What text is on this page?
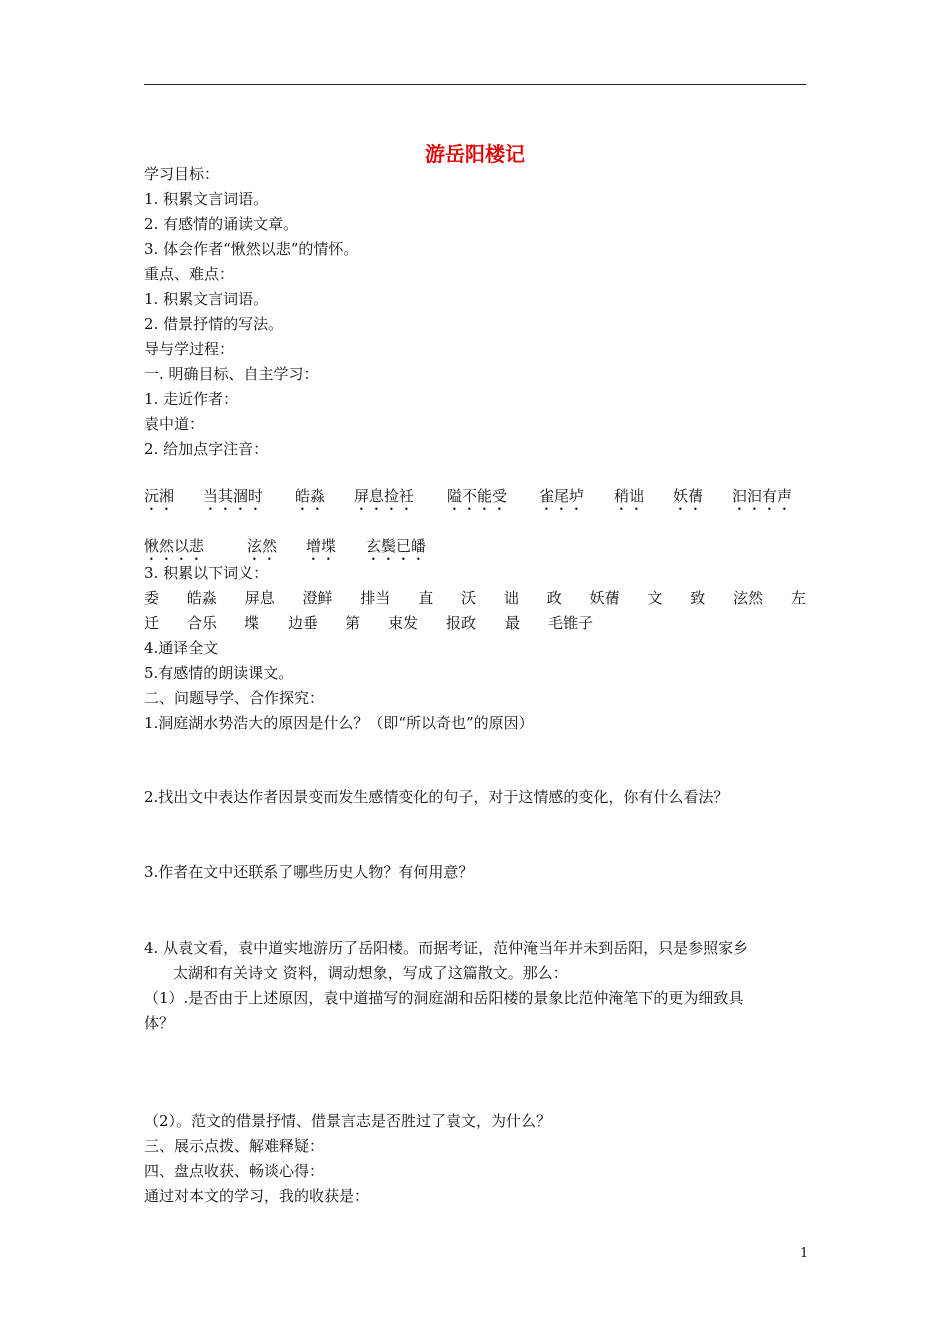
游岳阳楼记
学习目标：
1. 积累文言词语。
2. 有感情的诵读文章。
3. 体会作者“愀然以悲”的情怀。
重点、难点：
1. 积累文言词语。
2. 借景抒情的写法。
导与学过程：
一. 明确目标、自主学习：
1. 走近作者：
袁中道：
2. 给加点字注音：
沅湘 当其涸时 皓淼 屏息捡衽 隘不能受 雀尾垆 稍诎 妖蒨 汩汩有声
愀然以悲	泫然 增堞 玄鬓已皤
3. 积累以下词义：
委 皓淼 屏息 澄鲜 排当 直 沃 诎 政 妖蒨 文 致 泫然 左
迁 合乐 堞 边垂 第 束发 报政 最 毛锥子
4.通译全文
5.有感情的朗读课文。
二、问题导学、合作探究：
1.洞庭湖水势浩大的原因是什么？（即“所以奇也”的原因）
2.找出文中表达作者因景变而发生感情变化的句子，对于这情感的变化，你有什么看法？
3.作者在文中还联系了哪些历史人物？有何用意？
4. 从袁文看，袁中道实地游历了岳阳楼。而据考证，范仲淹当年并未到岳阳，只是参照家乡
太湖和有关诗文 资料，调动想象，写成了这篇散文。那么：
（1）.是否由于上述原因，袁中道描写的洞庭湖和岳阳楼的景象比范仲淹笔下的更为细致具
体？
（2）。范文的借景抒情、借景言志是否胜过了袁文，为什么？
三、展示点拨、解难释疑：
四、盘点收获、畅谈心得：
通过对本文的学习，我的收获是：
1
